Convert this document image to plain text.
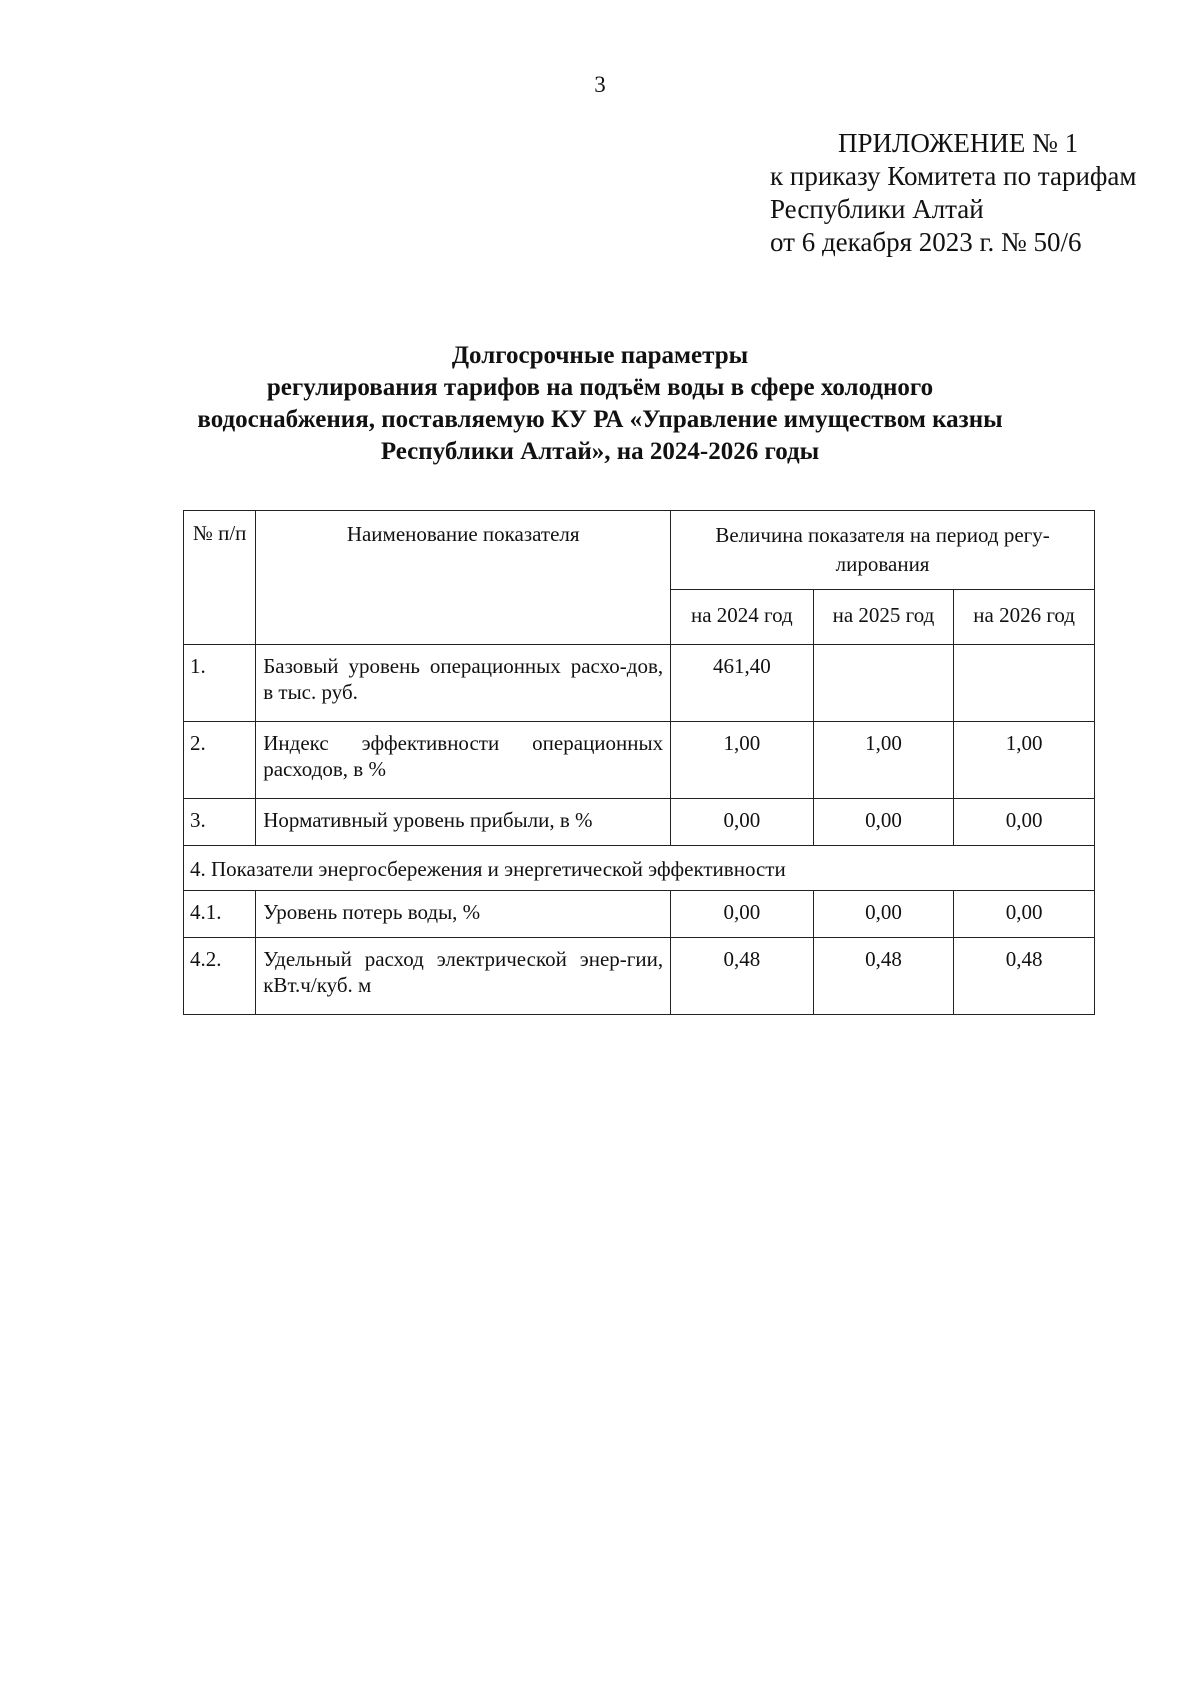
3
ПРИЛОЖЕНИЕ № 1
к приказу Комитета по тарифам
Республики Алтай
от 6 декабря 2023 г. № 50/6
Долгосрочные параметры
регулирования тарифов на подъём воды в сфере холодного
водоснабжения, поставляемую КУ РА «Управление имуществом казны
Республики Алтай», на 2024-2026 годы
№ п/п	Наименование показателя	Величина показателя на период регу-лирования		
		на 2024 год	на 2025 год	на 2026 год
1.	Базовый уровень операционных расхо-дов, в тыс. руб.	461,40		
2.	Индекс эффективности операционных расходов, в %	1,00	1,00	1,00
3.	Нормативный уровень прибыли, в %	0,00	0,00	0,00
4. Показатели энергосбережения и энергетической эффективности				
4.1.	Уровень потерь воды, %	0,00	0,00	0,00
4.2.	Удельный расход электрической энер-гии, кВт.ч/куб. м	0,48	0,48	0,48
